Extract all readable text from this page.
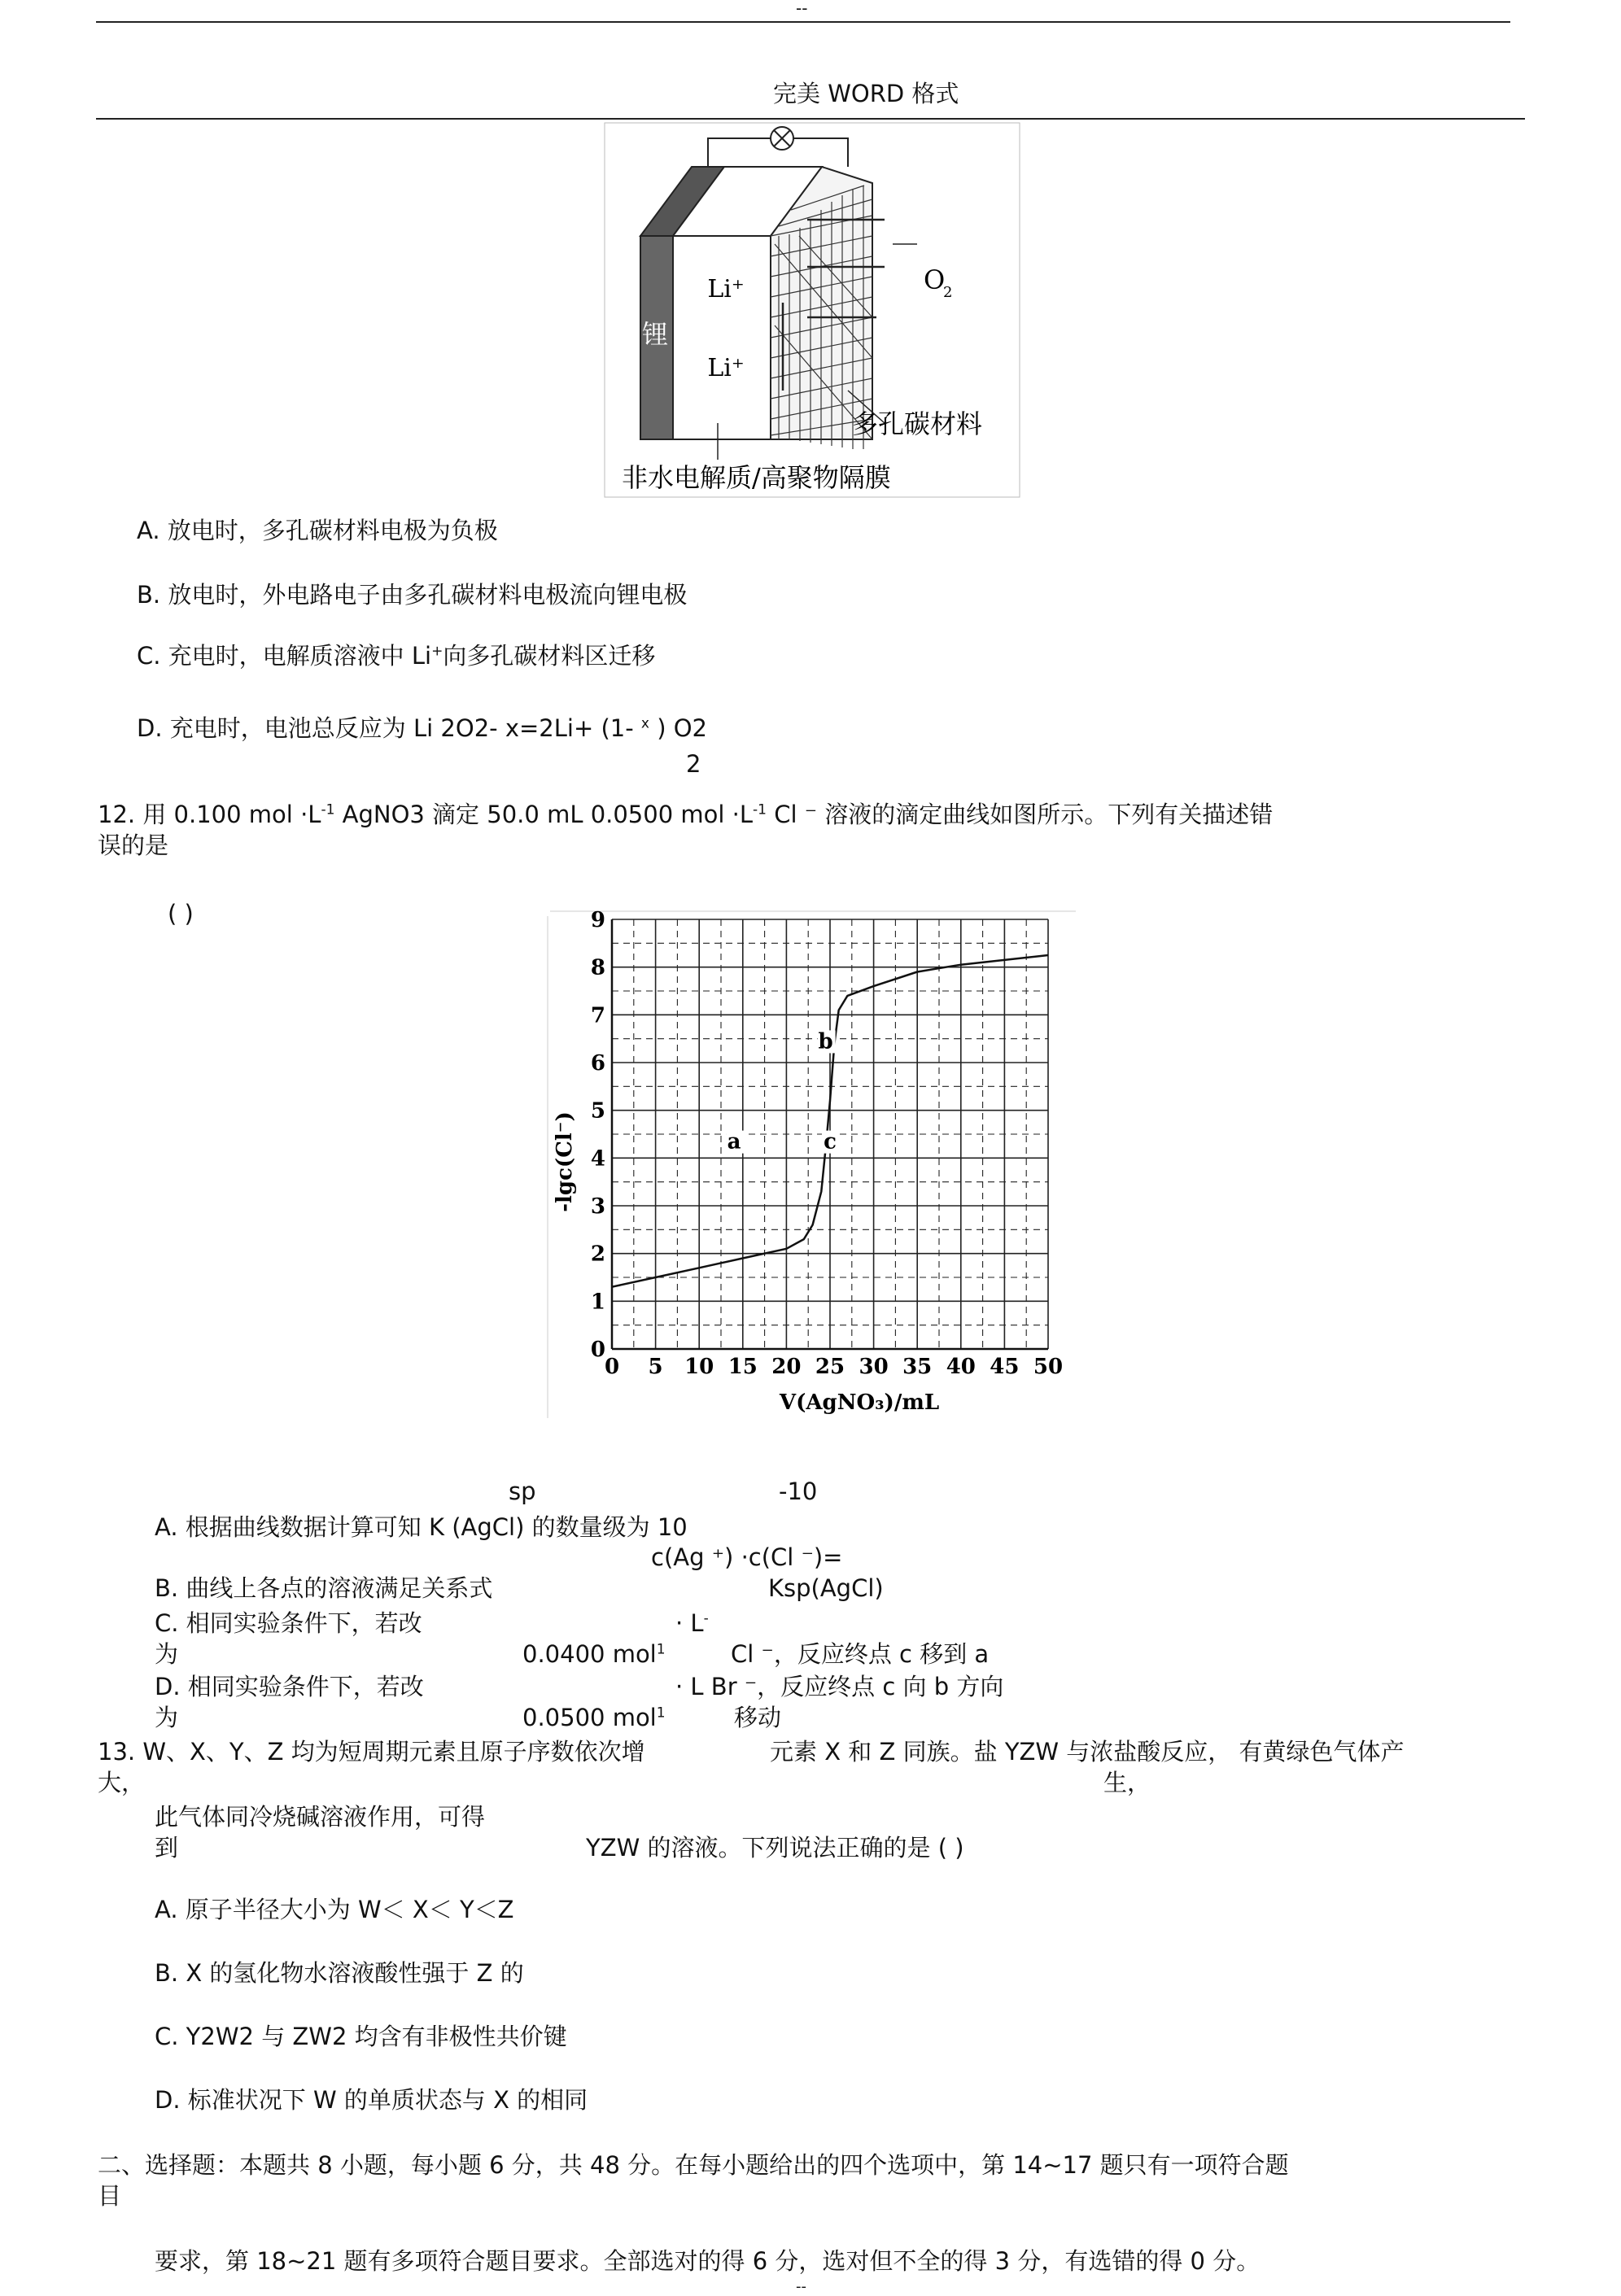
--
完美 WORD 格式
锂
Li⁺
Li⁺
O
2
多孔碳材料
非水电解质/高聚物隔膜
A. 放电时，多孔碳材料电极为负极
B. 放电时，外电路电子由多孔碳材料电极流向锂电极
C. 充电时，电解质溶液中 Li+向多孔碳材料区迁移
D. 充电时，电池总反应为 Li 2O2- x=2Li+ (1- $^x$ ) O2
2
12. 用 0.100 mol $\cdot L^{-1}$ AgNO3 滴定 50.0 mL 0.0500 mol $\cdot L^{-1}$ Cl ⁻ 溶液的滴定曲线如图所示。下列有关描述错
误的是
( )
0 5 10 15 20 25 30 35 40 45 50
0
1
2
3
4
5
6
7
8
9
a
b
c
-lgc(Cl⁻)
V(AgNO₃)/mL
sp	-10
A. 根据曲线数据计算可知 K (AgCl) 的数量级为 10
c(Ag ⁺) ·c(Cl ⁻)=
B. 曲线上各点的溶液满足关系式	Ksp(AgCl)
C. 相同实验条件下，若改	· L-
为	0.0400 mol$^1$	Cl ⁻，反应终点 c 移到 a
D. 相同实验条件下，若改	· L Br ⁻，反应终点 c 向 b 方向
为	0.0500 mol$^1$	移动
13. W、X、Y、Z 均为短周期元素且原子序数依次增
大，
元素 X 和 Z 同族。盐 YZW 与浓盐酸反应， 有黄绿色气体产
生，
此气体同冷烧碱溶液作用，可得
到	YZW 的溶液。下列说法正确的是 ( )
A. 原子半径大小为 W＜ X＜ Y＜Z
B. X 的氢化物水溶液酸性强于 Z 的
C. Y2W2 与 ZW2 均含有非极性共价键
D. 标准状况下 W 的单质状态与 X 的相同
二、选择题：本题共 8 小题，每小题 6 分，共 48 分。在每小题给出的四个选项中，第 14~17 题只有一项符合题
目
要求，第 18~21 题有多项符合题目要求。全部选对的得 6 分，选对但不全的得 3 分，有选错的得 0 分。
--
